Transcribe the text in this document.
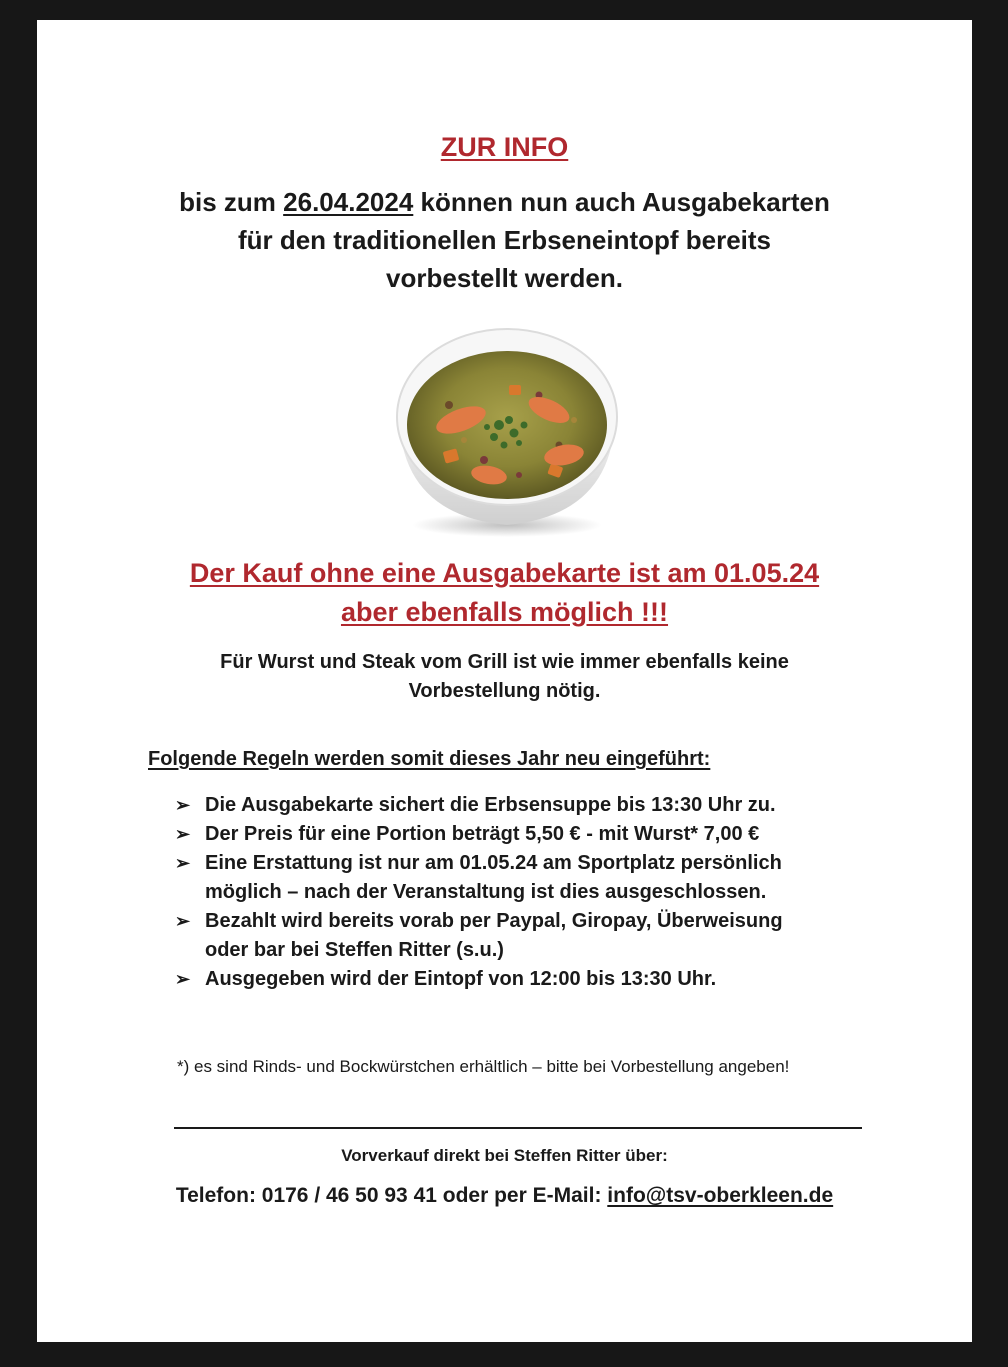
ZUR INFO
bis zum 26.04.2024 können nun auch Ausgabekarten
für den traditionellen Erbseneintopf bereits
vorbestellt werden.
Der Kauf ohne eine Ausgabekarte ist am 01.05.24
aber ebenfalls möglich !!!
Für Wurst und Steak vom Grill ist wie immer ebenfalls keine
Vorbestellung nötig.
Folgende Regeln werden somit dieses Jahr neu eingeführt:
➢ Die Ausgabekarte sichert die Erbsensuppe bis 13:30 Uhr zu.
➢ Der Preis für eine Portion beträgt 5,50 € - mit Wurst* 7,00 €
➢ Eine Erstattung ist nur am 01.05.24 am Sportplatz persönlich
möglich – nach der Veranstaltung ist dies ausgeschlossen.
➢ Bezahlt wird bereits vorab per Paypal, Giropay, Überweisung
oder bar bei Steffen Ritter (s.u.)
➢ Ausgegeben wird der Eintopf von 12:00 bis 13:30 Uhr.
*) es sind Rinds- und Bockwürstchen erhältlich – bitte bei Vorbestellung angeben!
Vorverkauf direkt bei Steffen Ritter über:
Telefon: 0176 / 46 50 93 41 oder per E-Mail: info@tsv-oberkleen.de
